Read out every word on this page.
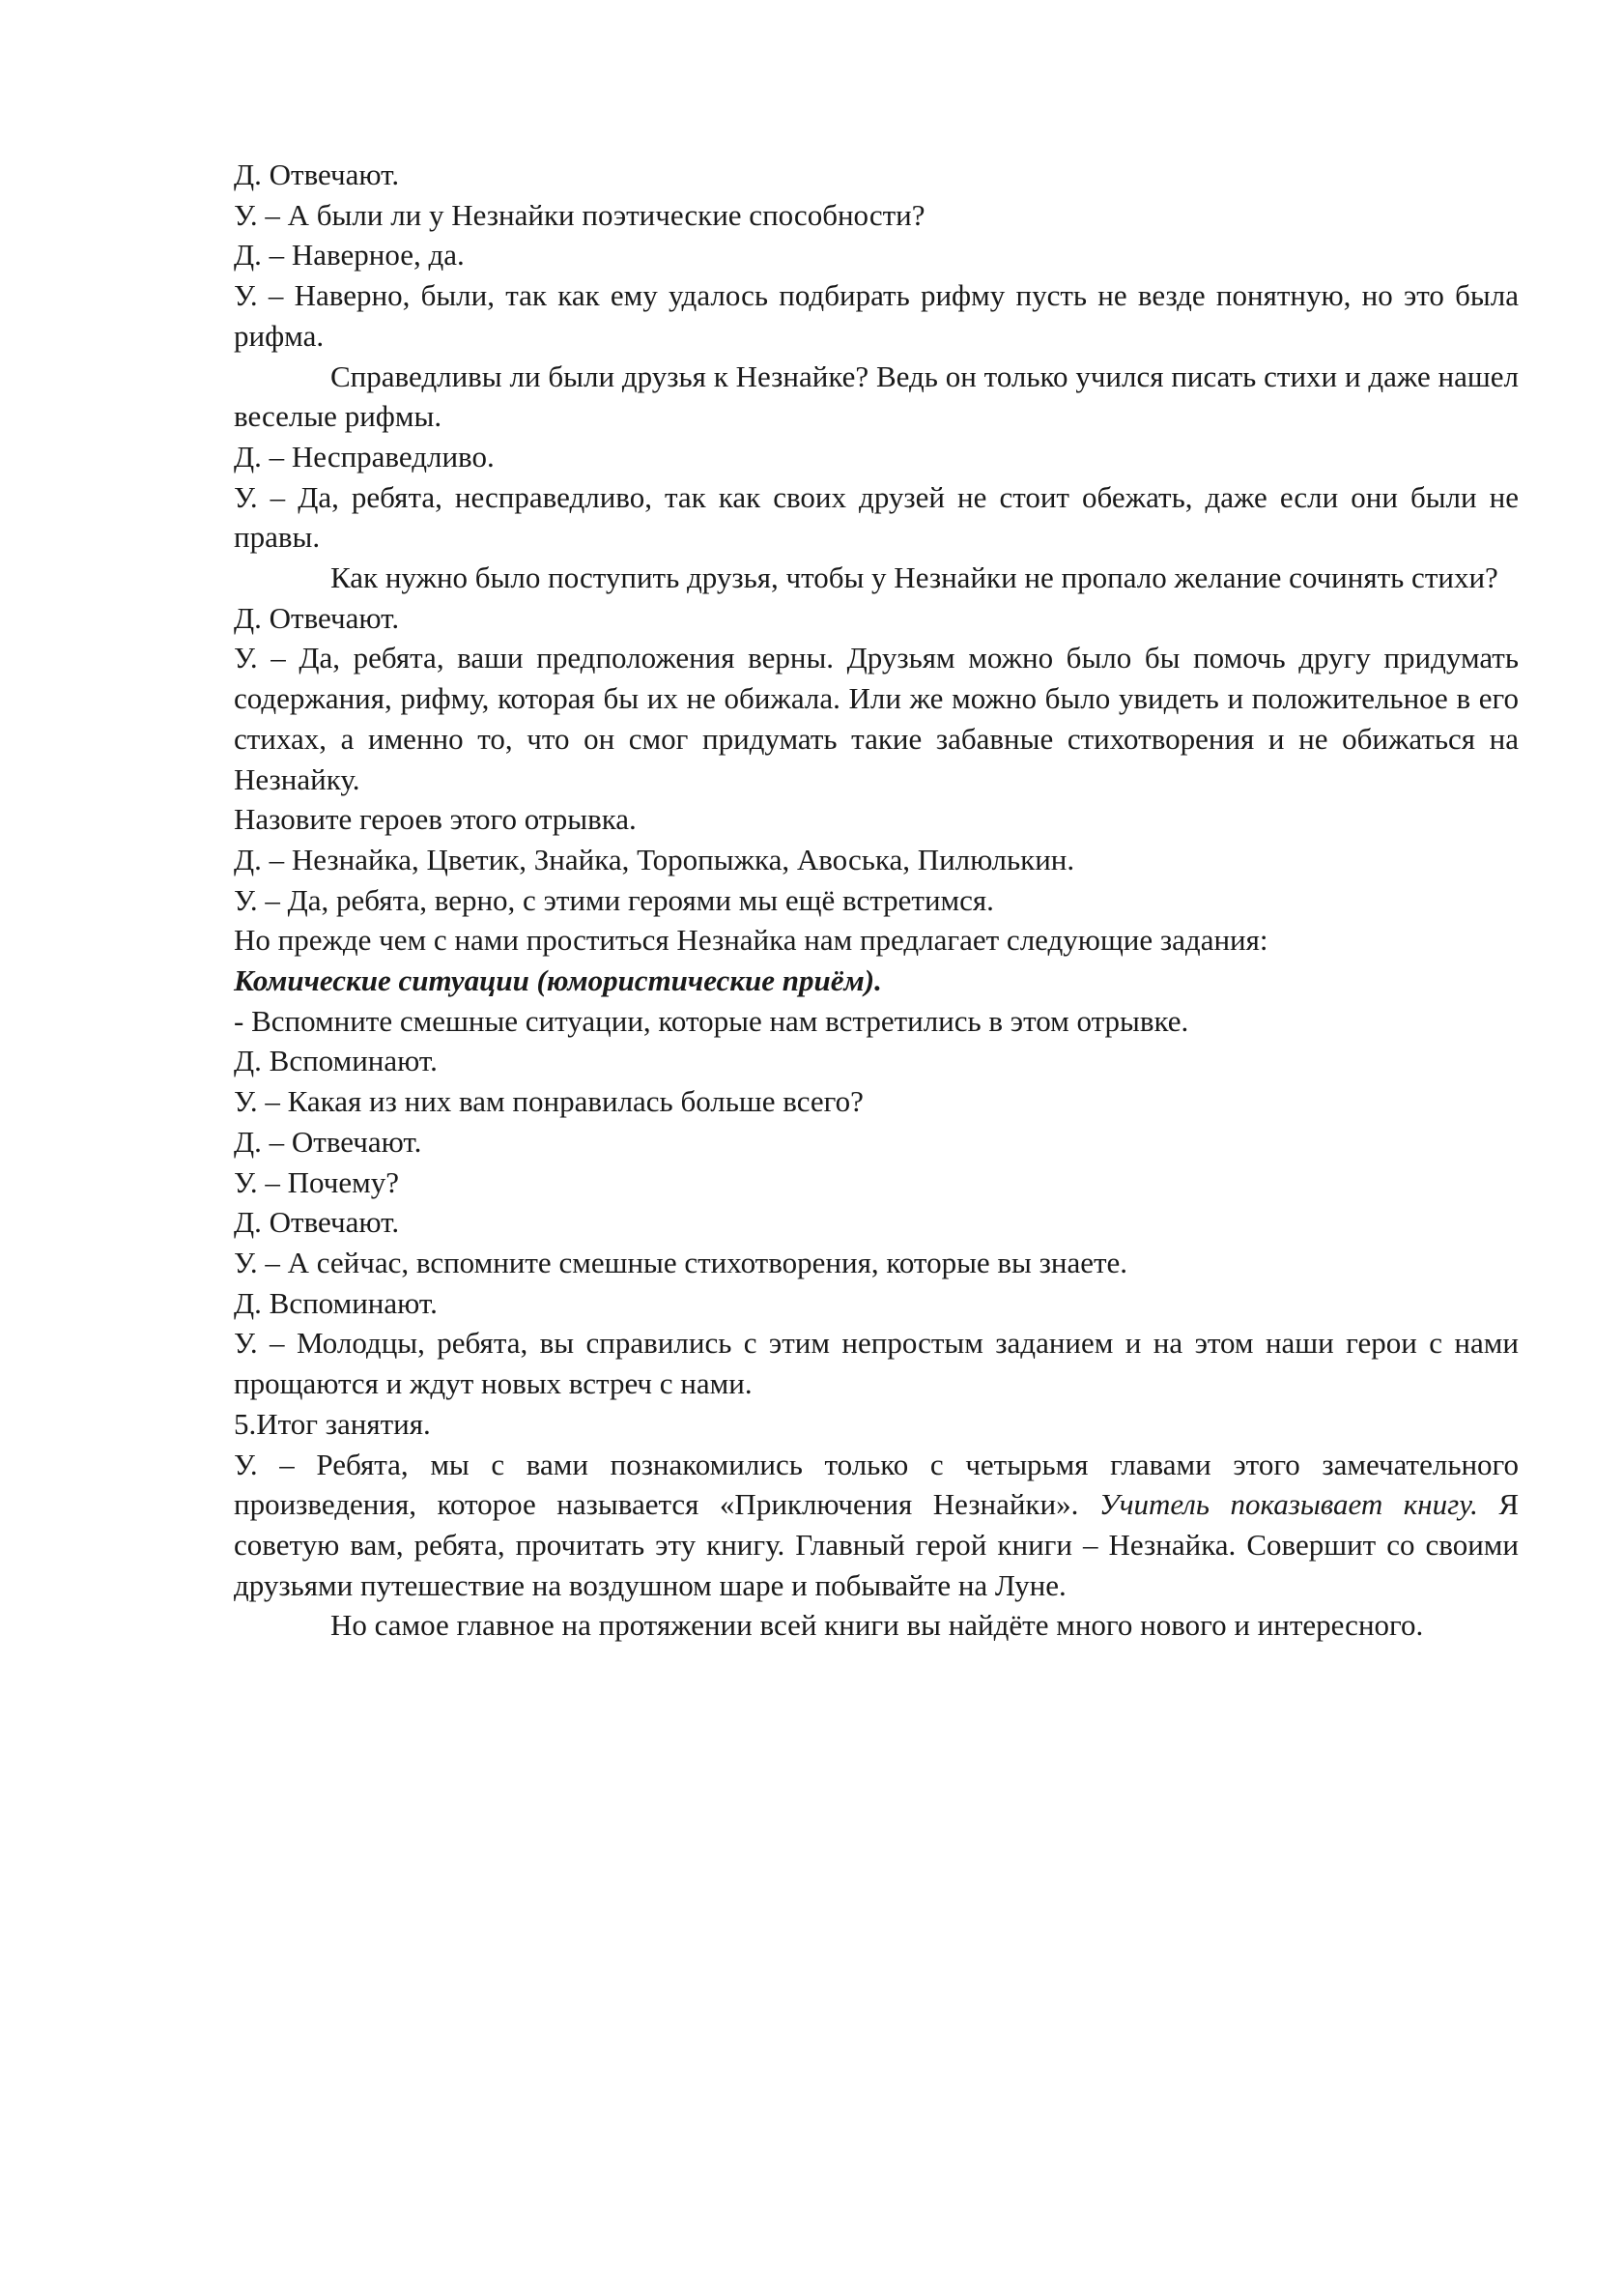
Д. Отвечают.

У. – А были ли у Незнайки поэтические способности?

Д. – Наверное, да.

У. – Наверно, были, так как ему удалось подбирать рифму пусть не везде понятную, но это была рифма.

Справедливы ли были друзья к Незнайке? Ведь он только учился писать стихи и даже нашел веселые рифмы.

Д. – Несправедливо.

У. – Да, ребята, несправедливо, так как своих друзей не стоит обежать, даже если они были не правы.

Как нужно было поступить друзья, чтобы у Незнайки не пропало желание сочинять стихи?

Д. Отвечают.

У. – Да, ребята, ваши предположения верны. Друзьям можно было бы помочь другу придумать содержания, рифму, которая бы их не обижала. Или же можно было увидеть и положительное в его стихах, а именно то, что он смог придумать такие забавные стихотворения и не обижаться на Незнайку.

Назовите героев этого отрывка.

Д. – Незнайка, Цветик, Знайка, Торопыжка, Авоська, Пилюлькин.

У. – Да, ребята, верно, с этими героями мы ещё встретимся.

Но прежде чем с нами проститься Незнайка нам предлагает следующие задания:

Комические ситуации (юмористические приём).

- Вспомните смешные ситуации, которые нам встретились в этом отрывке.

Д. Вспоминают.

У. – Какая из них вам понравилась больше всего?

Д. – Отвечают.

У. – Почему?

Д. Отвечают.

У. – А сейчас, вспомните смешные стихотворения, которые вы знаете.

Д. Вспоминают.

У. – Молодцы, ребята, вы справились с этим непростым заданием и на этом наши герои с нами прощаются и ждут новых встреч с нами.

5.Итог занятия.

У. – Ребята, мы с вами познакомились только с четырьмя главами этого замечательного произведения, которое называется «Приключения Незнайки». Учитель показывает книгу. Я советую вам, ребята, прочитать эту книгу. Главный герой книги – Незнайка. Совершит со своими друзьями путешествие на воздушном шаре и побывайте на Луне.

Но самое главное на протяжении всей книги вы найдёте много нового и интересного.
